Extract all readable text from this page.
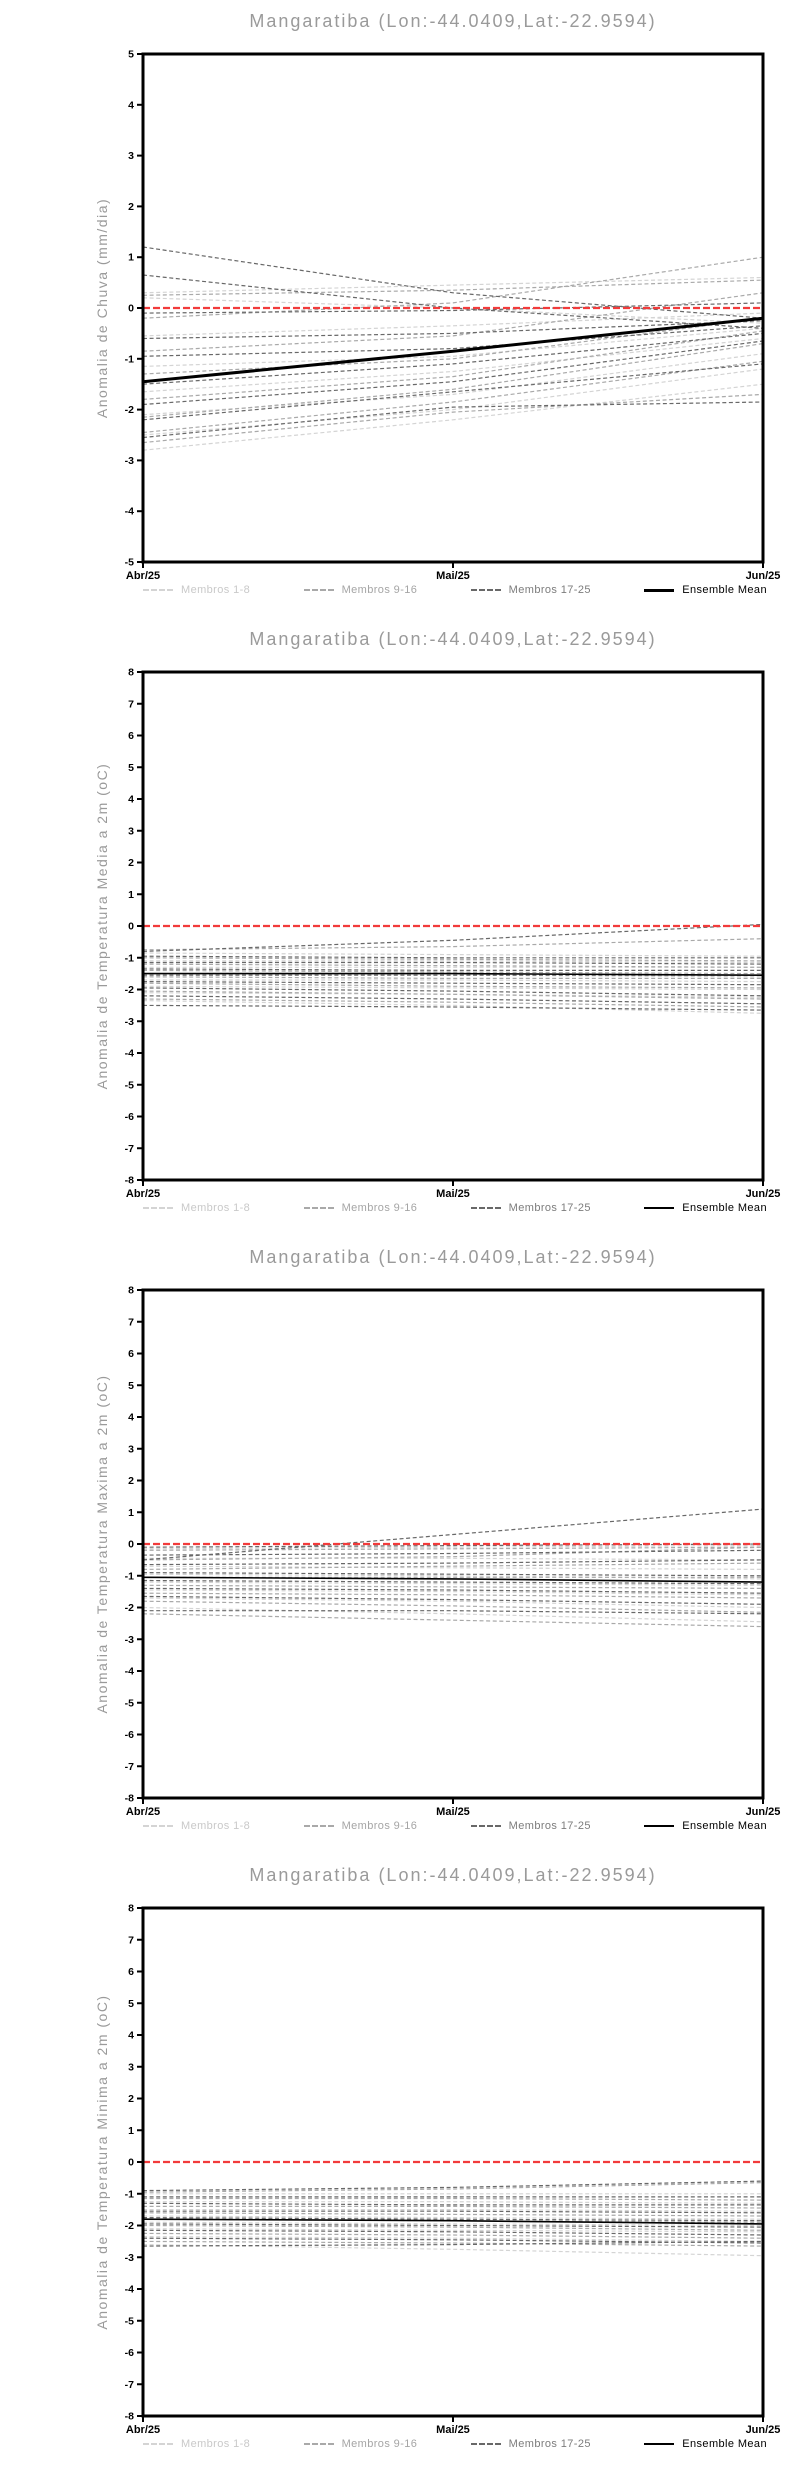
Mangaratiba (Lon:-44.0409,Lat:-22.9594)
Anomalia de Chuva (mm/dia)
5
4
3
2
1
0
-1
-2
-3
-4
-5
Abr/25	Mai/25	Jun/25
Membros 1-8	Membros 9-16	Membros 17-25	Ensemble Mean
Mangaratiba (Lon:-44.0409,Lat:-22.9594)
Anomalia de Temperatura Media a 2m (oC)
8
7
6
5
4
3
2
1
0
-1
-2
-3
-4
-5
-6
-7
-8
Abr/25	Mai/25	Jun/25
Membros 1-8	Membros 9-16	Membros 17-25	Ensemble Mean
Mangaratiba (Lon:-44.0409,Lat:-22.9594)
Anomalia de Temperatura Maxima a 2m (oC)
8
7
6
5
4
3
2
1
0
-1
-2
-3
-4
-5
-6
-7
-8
Abr/25	Mai/25	Jun/25
Membros 1-8	Membros 9-16	Membros 17-25	Ensemble Mean
Mangaratiba (Lon:-44.0409,Lat:-22.9594)
Anomalia de Temperatura Minima a 2m (oC)
8
7
6
5
4
3
2
1
0
-1
-2
-3
-4
-5
-6
-7
-8
Abr/25	Mai/25	Jun/25
Membros 1-8	Membros 9-16	Membros 17-25	Ensemble Mean
